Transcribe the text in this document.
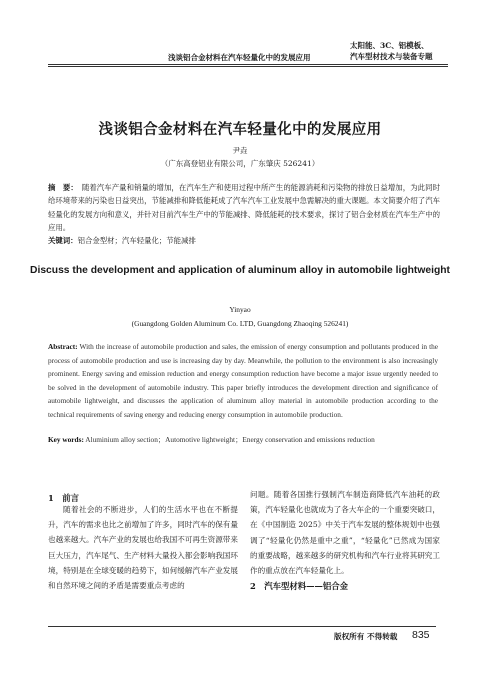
浅谈铝合金材料在汽车轻量化中的发展应用
太阳能、3C、铝模板、
汽车型材技术与装备专题
浅谈铝合金材料在汽车轻量化中的发展应用
尹垚
（广东高登铝业有限公司，广东肇庆 526241）
摘　要： 随着汽车产量和销量的增加，在汽车生产和使用过程中所产生的能源消耗和污染物的排放日益增加，为此同时给环境带来的污染也日益突出，节能减排和降低能耗成了汽车汽车工业发展中急需解决的重大课题。本文简要介绍了汽车轻量化的发展方向和意义，并针对目前汽车生产中的节能减排、降低能耗的技术要求，探讨了铝合金材质在汽车生产中的应用。
关键词：铝合金型材；汽车轻量化；节能减排
Discuss the development and application of aluminum alloy in automobile lightweight
Yinyao
(Guangdong Golden Aluminum Co. LTD, Guangdong Zhaoqing 526241)
Abstract: With the increase of automobile production and sales, the emission of energy consumption and pollutants produced in the process of automobile production and use is increasing day by day. Meanwhile, the pollution to the environment is also increasingly prominent. Energy saving and emission reduction and energy consumption reduction have become a major issue urgently needed to be solved in the development of automobile industry. This paper briefly introduces the development direction and significance of automobile lightweight, and discusses the application of aluminum alloy material in automobile production according to the technical requirements of saving energy and reducing energy consumption in automobile production.
Key words: Aluminium alloy section；Automotive lightweight；Energy conservation and emissions reduction
1　前言
随着社会的不断进步，人们的生活水平也在不断提升，汽车的需求也比之前增加了许多，同时汽车的保有量也越来越大。汽车产业的发展也给我国不可再生资源带来巨大压力，汽车尾气、生产材料大量投入都会影响我国环境，特别是在全球变暖的趋势下，如何缓解汽车产业发展和自然环境之间的矛盾是需要重点考虑的
问题。随着各国推行强制汽车制造商降低汽车油耗的政策，汽车轻量化也就成为了各大车企的一个重要突破口，在《中国制造 2025》中关于汽车发展的整体规划中也强调了“轻量化仍然是重中之重”，“轻量化”已然成为国家的重要战略，越来越多的研究机构和汽车行业将其研究工作的重点放在汽车轻量化上。
2　汽车型材料——铝合金
版权所有 不得转载 835
